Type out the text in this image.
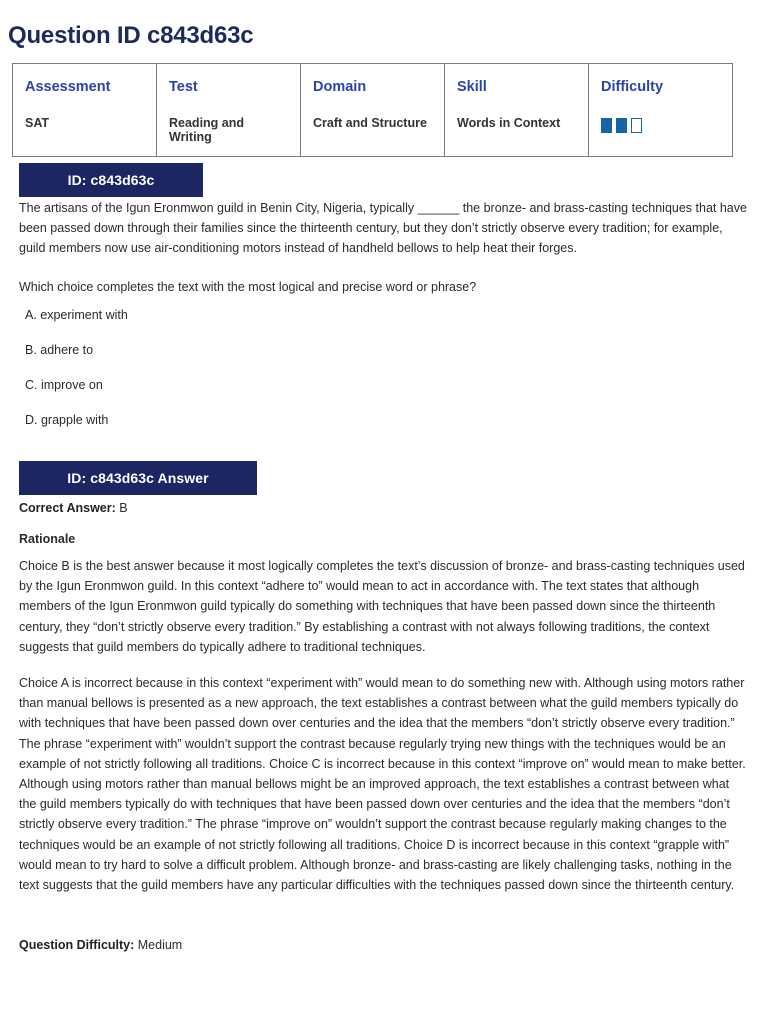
Question ID c843d63c
Assessment
SAT

Test
Reading and Writing

Domain
Craft and Structure

Skill
Words in Context

Difficulty
ID: c843d63c

The artisans of the Igun Eronmwon guild in Benin City, Nigeria, typically ______ the bronze- and brass-casting techniques that have been passed down through their families since the thirteenth century, but they don’t strictly observe every tradition; for example, guild members now use air-conditioning motors instead of handheld bellows to help heat their forges.

Which choice completes the text with the most logical and precise word or phrase?

A. experiment with
B. adhere to
C. improve on
D. grapple with
ID: c843d63c Answer

Correct Answer: B

Rationale

Choice B is the best answer because it most logically completes the text’s discussion of bronze- and brass-casting techniques used by the Igun Eronmwon guild. In this context “adhere to” would mean to act in accordance with. The text states that although members of the Igun Eronmwon guild typically do something with techniques that have been passed down since the thirteenth century, they “don’t strictly observe every tradition.” By establishing a contrast with not always following traditions, the context suggests that guild members do typically adhere to traditional techniques.

Choice A is incorrect because in this context “experiment with” would mean to do something new with. Although using motors rather than manual bellows is presented as a new approach, the text establishes a contrast between what the guild members typically do with techniques that have been passed down over centuries and the idea that the members “don’t strictly observe every tradition.” The phrase “experiment with” wouldn’t support the contrast because regularly trying new things with the techniques would be an example of not strictly following all traditions. Choice C is incorrect because in this context “improve on” would mean to make better. Although using motors rather than manual bellows might be an improved approach, the text establishes a contrast between what the guild members typically do with techniques that have been passed down over centuries and the idea that the members “don’t strictly observe every tradition.” The phrase “improve on” wouldn’t support the contrast because regularly making changes to the techniques would be an example of not strictly following all traditions. Choice D is incorrect because in this context “grapple with” would mean to try hard to solve a difficult problem. Although bronze- and brass-casting are likely challenging tasks, nothing in the text suggests that the guild members have any particular difficulties with the techniques passed down since the thirteenth century.

Question Difficulty: Medium
